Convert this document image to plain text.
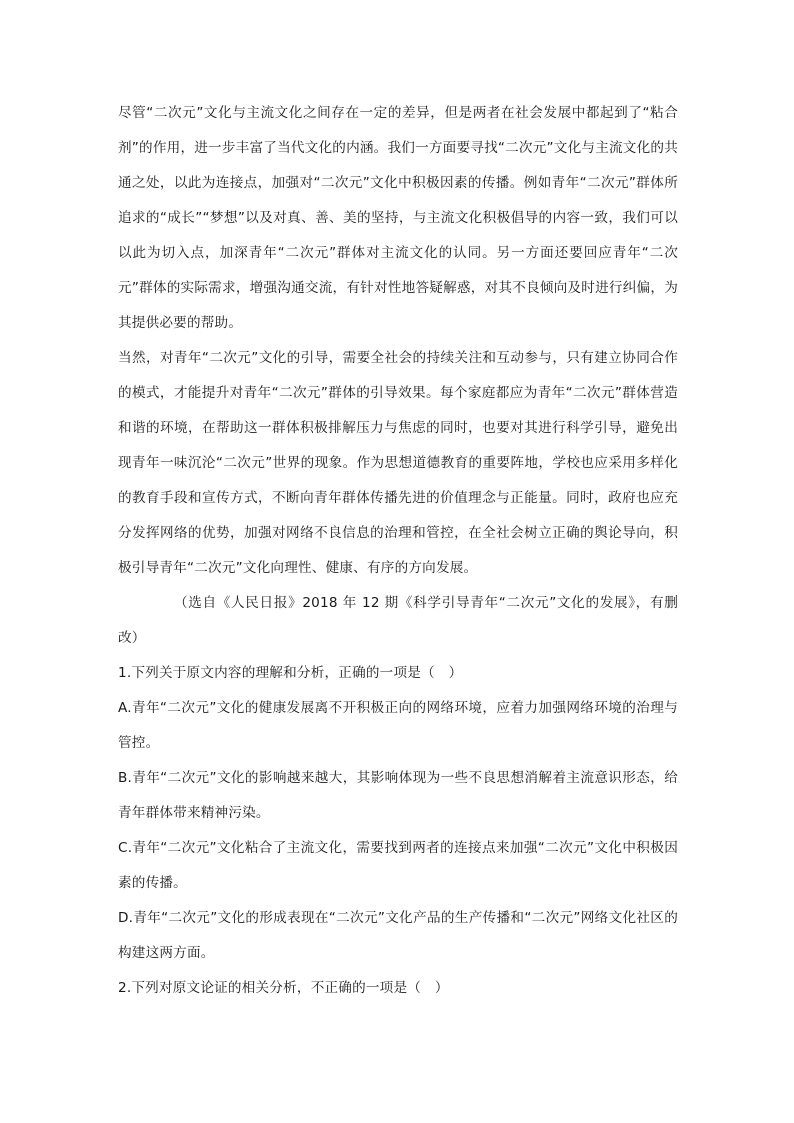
尽管“二次元”文化与主流文化之间存在一定的差异，但是两者在社会发展中都起到了“粘合剂”的作用，进一步丰富了当代文化的内涵。我们一方面要寻找“二次元”文化与主流文化的共通之处，以此为连接点，加强对“二次元”文化中积极因素的传播。例如青年“二次元”群体所追求的“成长”“梦想”以及对真、善、美的坚持，与主流文化积极倡导的内容一致，我们可以以此为切入点，加深青年“二次元”群体对主流文化的认同。另一方面还要回应青年“二次元”群体的实际需求，增强沟通交流，有针对性地答疑解惑，对其不良倾向及时进行纠偏，为其提供必要的帮助。

当然，对青年“二次元”文化的引导，需要全社会的持续关注和互动参与，只有建立协同合作的模式，才能提升对青年“二次元”群体的引导效果。每个家庭都应为青年“二次元”群体营造和谐的环境，在帮助这一群体积极排解压力与焦虑的同时，也要对其进行科学引导，避免出现青年一味沉沦“二次元”世界的现象。作为思想道德教育的重要阵地，学校也应采用多样化的教育手段和宣传方式，不断向青年群体传播先进的价值理念与正能量。同时，政府也应充分发挥网络的优势，加强对网络不良信息的治理和管控，在全社会树立正确的舆论导向，积极引导青年“二次元”文化向理性、健康、有序的方向发展。

（选自《人民日报》2018 年 12 期《科学引导青年“二次元”文化的发展》，有删改）

1.下列关于原文内容的理解和分析，正确的一项是（　）

A.青年“二次元”文化的健康发展离不开积极正向的网络环境，应着力加强网络环境的治理与管控。

B.青年“二次元”文化的影响越来越大，其影响体现为一些不良思想消解着主流意识形态，给青年群体带来精神污染。

C.青年“二次元”文化粘合了主流文化，需要找到两者的连接点来加强“二次元”文化中积极因素的传播。

D.青年“二次元”文化的形成表现在“二次元”文化产品的生产传播和“二次元”网络文化社区的构建这两方面。

2.下列对原文论证的相关分析，不正确的一项是（　）
